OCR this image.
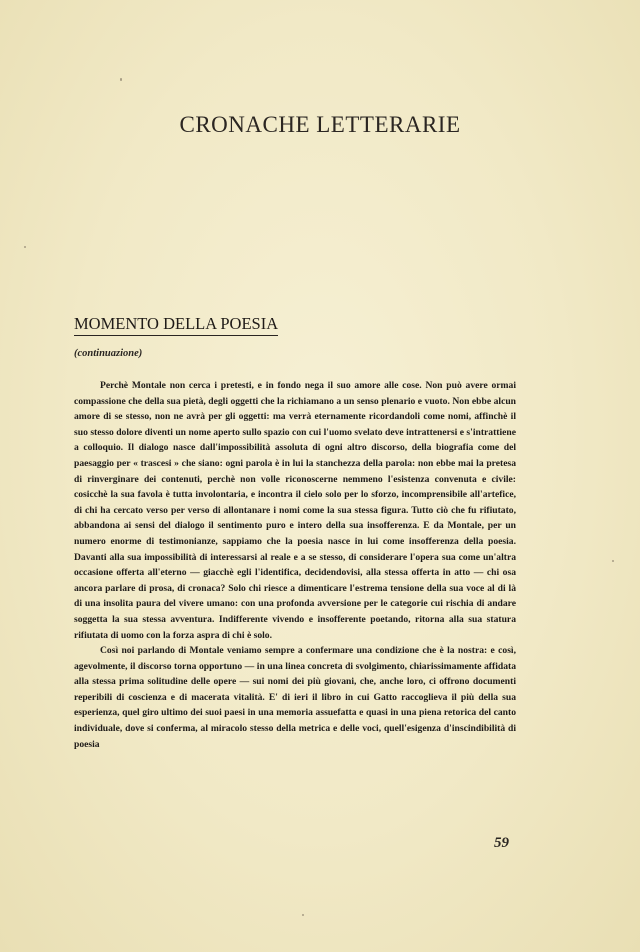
CRONACHE LETTERARIE
MOMENTO DELLA POESIA
(continuazione)

Perchè Montale non cerca i pretesti, e in fondo nega il suo amore alle cose. Non può avere ormai compassione che della sua pietà, degli oggetti che la richiamano a un senso plenario e vuoto. Non ebbe alcun amore di se stesso, non ne avrà per gli oggetti: ma verrà eternamente ricordandoli come nomi, affinchè il suo stesso dolore diventi un nome aperto sullo spazio con cui l'uomo svelato deve intrattenersi e s'intrattiene a colloquio. Il dialogo nasce dall'impossibilità assoluta di ogni altro discorso, della biografia come del paesaggio per « trascesi » che siano: ogni parola è in lui la stanchezza della parola: non ebbe mai la pretesa di rinverginare dei contenuti, perchè non volle riconoscerne nemmeno l'esistenza convenuta e civile: cosicchè la sua favola è tutta involontaria, e incontra il cielo solo per lo sforzo, incomprensibile all'artefice, di chi ha cercato verso per verso di allontanare i nomi come la sua stessa figura. Tutto ciò che fu rifiutato, abbandona ai sensi del dialogo il sentimento puro e intero della sua insofferenza. E da Montale, per un numero enorme di testimonianze, sappiamo che la poesia nasce in lui come insofferenza della poesia. Davanti alla sua impossibilità di interessarsi al reale e a se stesso, di considerare l'opera sua come un'altra occasione offerta all'eterno — giacchè egli l'identifica, decidendovisi, alla stessa offerta in atto — chi osa ancora parlare di prosa, di cronaca? Solo chi riesce a dimenticare l'estrema tensione della sua voce al di là di una insolita paura del vivere umano: con una profonda avversione per le categorie cui rischia di andare soggetta la sua stessa avventura. Indifferente vivendo e insofferente poetando, ritorna alla sua statura rifiutata di uomo con la forza aspra di chi è solo.

Così noi parlando di Montale veniamo sempre a confermare una condizione che è la nostra: e così, agevolmente, il discorso torna opportuno — in una linea concreta di svolgimento, chiarissimamente affidata alla stessa prima solitudine delle opere — sui nomi dei più giovani, che, anche loro, ci offrono documenti reperibili di coscienza e di macerata vitalità. E' di ieri il libro in cui Gatto raccoglieva il più della sua esperienza, quel giro ultimo dei suoi paesi in una memoria assuefatta e quasi in una piena retorica del canto individuale, dove si conferma, al miracolo stesso della metrica e delle voci, quell'esigenza d'inscindibilità di poesia

59
